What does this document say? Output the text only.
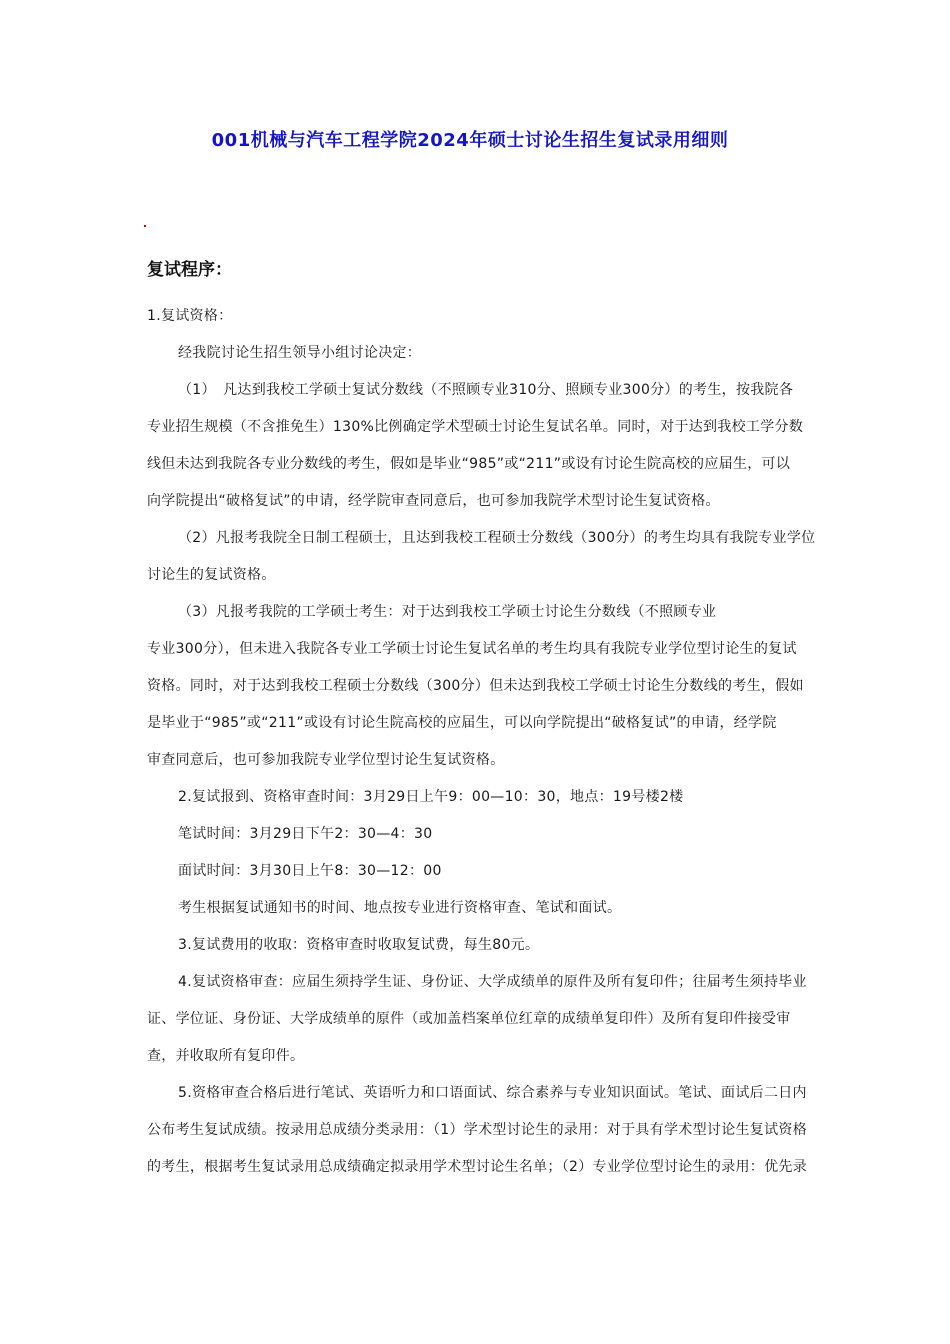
001机械与汽车工程学院2024年硕士讨论生招生复试录用细则
复试程序：

1.复试资格：

经我院讨论生招生领导小组讨论决定：

（1）　凡达到我校工学硕士复试分数线（不照顾专业310分、照顾专业300分）的考生，按我院各

专业招生规模（不含推免生）130%比例确定学术型硕士讨论生复试名单。同时，对于达到我校工学分数

线但未达到我院各专业分数线的考生，假如是毕业“985”或“211”或设有讨论生院高校的应届生，可以

向学院提出“破格复试”的申请，经学院审查同意后，也可参加我院学术型讨论生复试资格。

（2）凡报考我院全日制工程硕士，且达到我校工程硕士分数线（300分）的考生均具有我院专业学位

讨论生的复试资格。

（3）凡报考我院的工学硕士考生：对于达到我校工学硕士讨论生分数线（不照顾专业

专业300分），但未进入我院各专业工学硕士讨论生复试名单的考生均具有我院专业学位型讨论生的复试

资格。同时，对于达到我校工程硕士分数线（300分）但未达到我校工学硕士讨论生分数线的考生，假如

是毕业于“985”或“211”或设有讨论生院高校的应届生，可以向学院提出“破格复试”的申请，经学院

审查同意后，也可参加我院专业学位型讨论生复试资格。

2.复试报到、资格审查时间：3月29日上午9：00—10：30，地点：19号楼2楼

笔试时间：3月29日下午2：30—4：30

面试时间：3月30日上午8：30—12：00

考生根据复试通知书的时间、地点按专业进行资格审查、笔试和面试。

3.复试费用的收取：资格审查时收取复试费，每生80元。

4.复试资格审查：应届生须持学生证、身份证、大学成绩单的原件及所有复印件；往届考生须持毕业

证、学位证、身份证、大学成绩单的原件（或加盖档案单位红章的成绩单复印件）及所有复印件接受审

查，并收取所有复印件。

5.资格审查合格后进行笔试、英语听力和口语面试、综合素养与专业知识面试。笔试、面试后二日内

公布考生复试成绩。按录用总成绩分类录用：（1）学术型讨论生的录用：对于具有学术型讨论生复试资格

的考生，根据考生复试录用总成绩确定拟录用学术型讨论生名单；（2）专业学位型讨论生的录用：优先录
